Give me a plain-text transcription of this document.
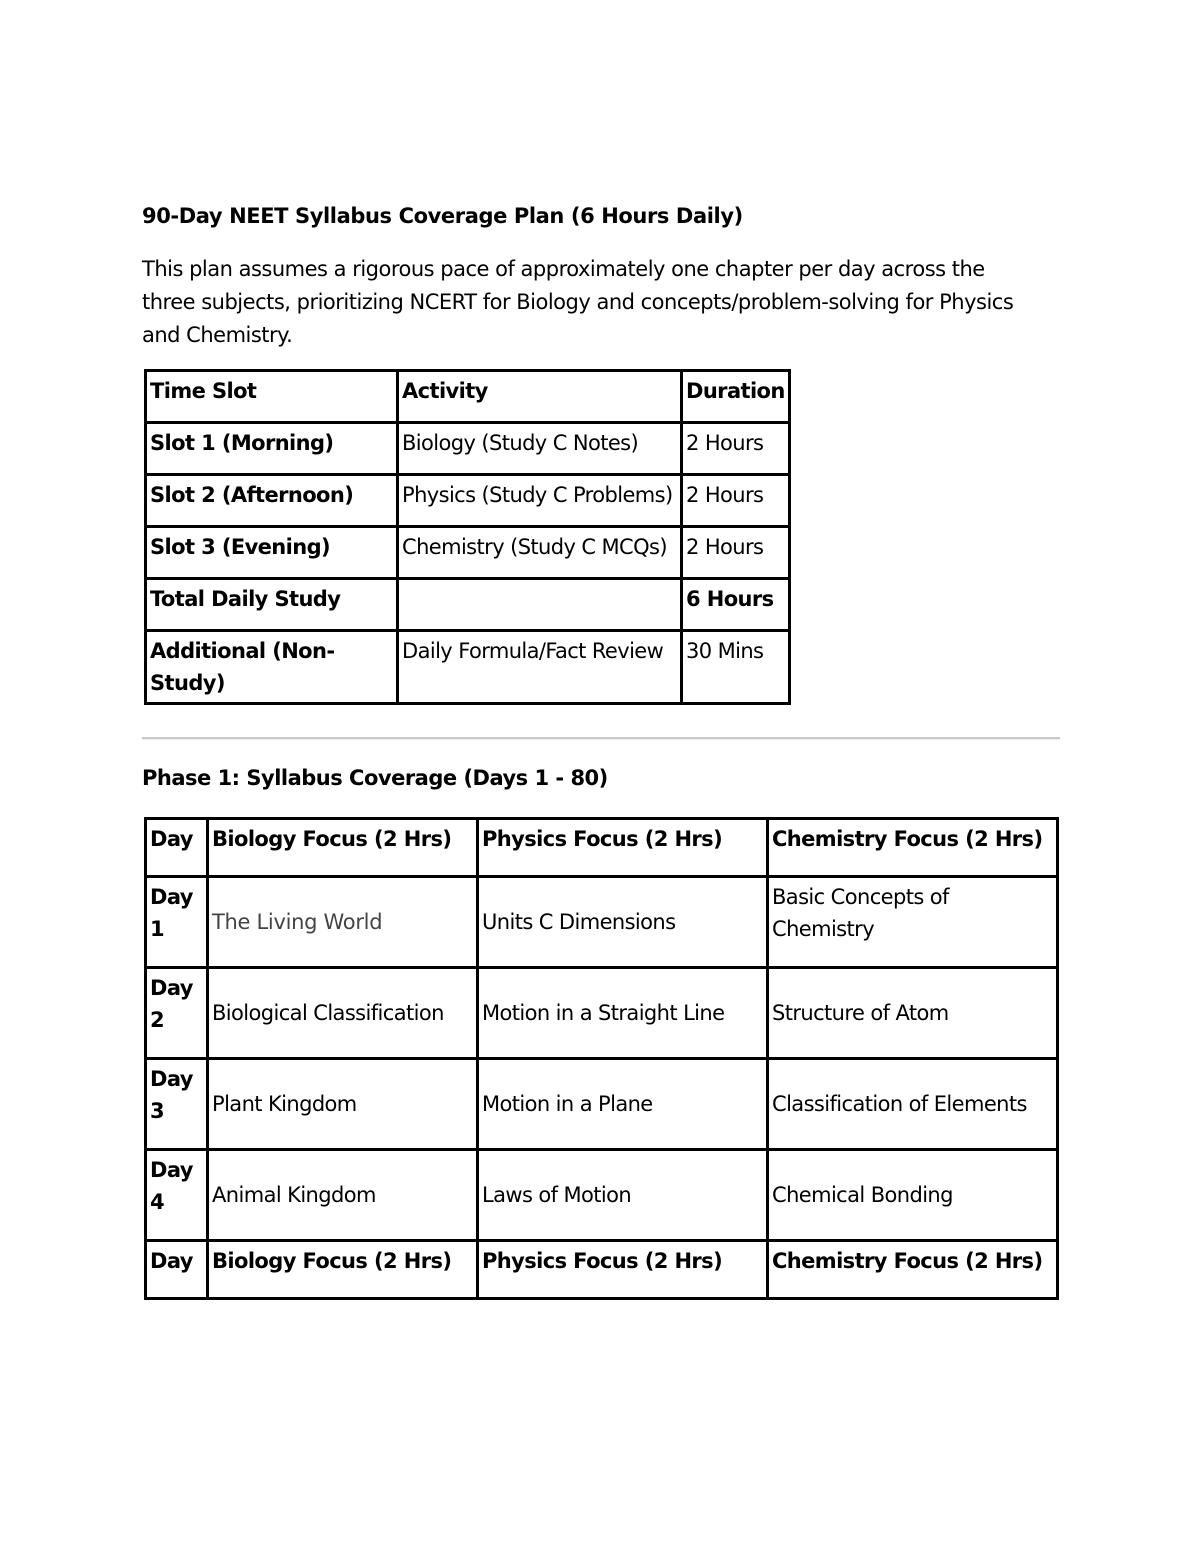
90-Day NEET Syllabus Coverage Plan (6 Hours Daily)
This plan assumes a rigorous pace of approximately one chapter per day across the three subjects, prioritizing NCERT for Biology and concepts/problem-solving for Physics and Chemistry.
Time Slot	Activity	Duration
Slot 1 (Morning)	Biology (Study C Notes)	2 Hours
Slot 2 (Afternoon)	Physics (Study C Problems)	2 Hours
Slot 3 (Evening)	Chemistry (Study C MCQs)	2 Hours
Total Daily Study		6 Hours
Additional (Non-Study)	Daily Formula/Fact Review	30 Mins
Phase 1: Syllabus Coverage (Days 1 - 80)
Day	Biology Focus (2 Hrs)	Physics Focus (2 Hrs)	Chemistry Focus (2 Hrs)
Day 1	The Living World	Units C Dimensions	Basic Concepts of Chemistry
Day 2	Biological Classification	Motion in a Straight Line	Structure of Atom
Day 3	Plant Kingdom	Motion in a Plane	Classification of Elements
Day 4	Animal Kingdom	Laws of Motion	Chemical Bonding
Day	Biology Focus (2 Hrs)	Physics Focus (2 Hrs)	Chemistry Focus (2 Hrs)
